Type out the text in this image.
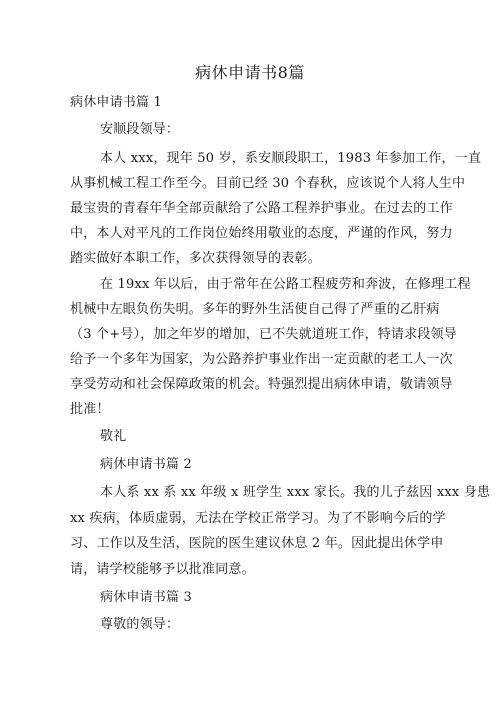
病休申请书8篇
病休申请书篇 1
安顺段领导：
本人 xxx，现年 50 岁，系安顺段职工，1983 年参加工作，一直
从事机械工程工作至今。目前已经 30 个春秋，应该说个人将人生中
最宝贵的青春年华全部贡献给了公路工程养护事业。在过去的工作
中，本人对平凡的工作岗位始终用敬业的态度，严谨的作风，努力
踏实做好本职工作，多次获得领导的表彰。
在 19xx 年以后，由于常年在公路工程疲劳和奔波，在修理工程
机械中左眼负伤失明。多年的野外生活使自己得了严重的乙肝病
（3 个+号），加之年岁的增加，已不失就道班工作，特请求段领导
给予一个多年为国家，为公路养护事业作出一定贡献的老工人一次
享受劳动和社会保障政策的机会。特强烈提出病休申请，敬请领导
批准！
敬礼
病休申请书篇 2
本人系 xx 系 xx 年级 x 班学生 xxx 家长。我的儿子兹因 xxx 身患
xx 疾病，体质虚弱，无法在学校正常学习。为了不影响今后的学
习、工作以及生活，医院的医生建议休息 2 年。因此提出休学申
请，请学校能够予以批准同意。
病休申请书篇 3
尊敬的领导：
